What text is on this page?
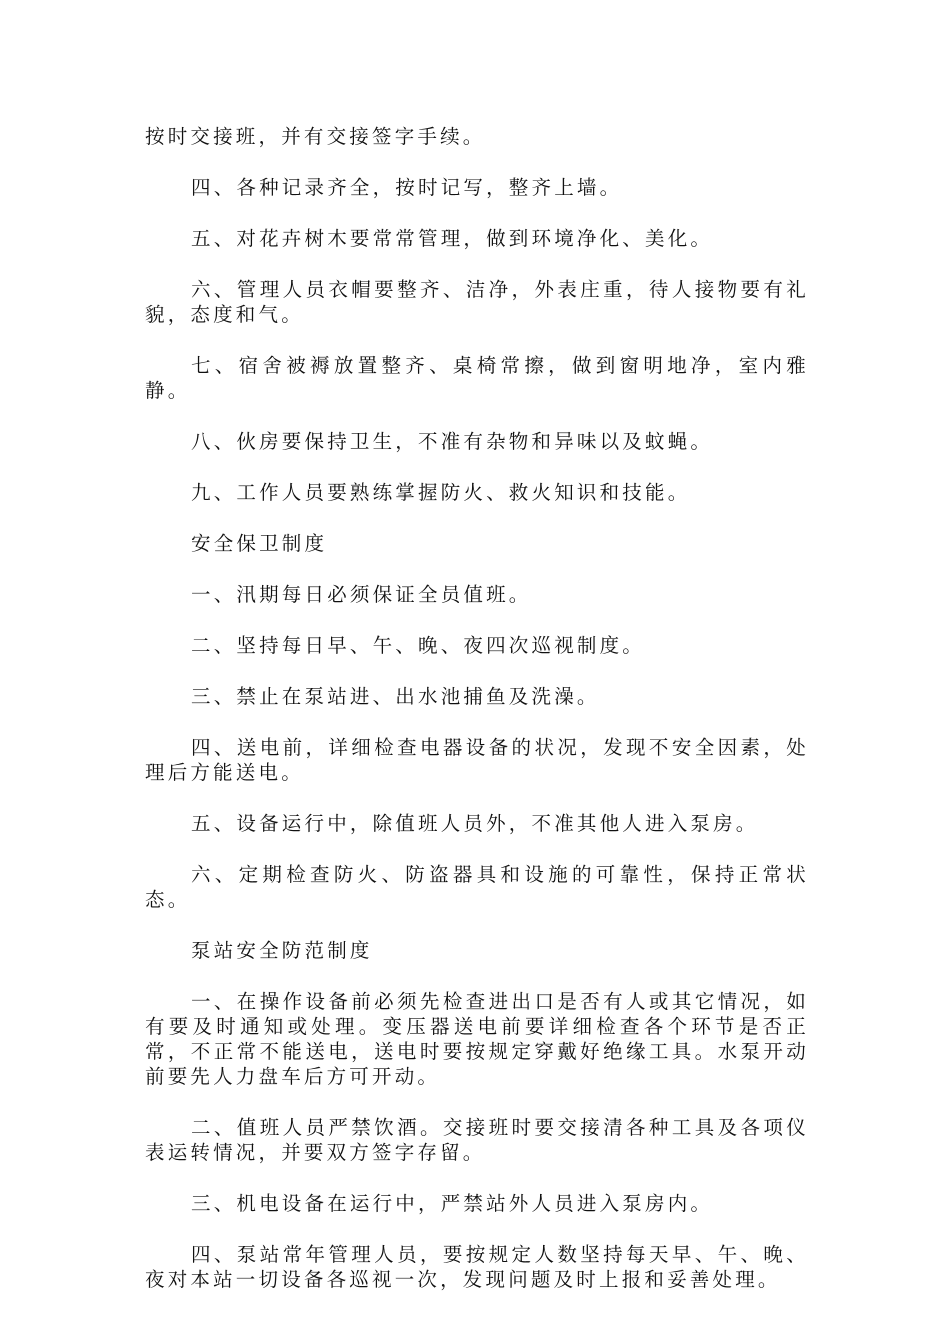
按时交接班，并有交接签字手续。

四、各种记录齐全，按时记写，整齐上墙。

五、对花卉树木要常常管理，做到环境净化、美化。

六、管理人员衣帽要整齐、洁净，外表庄重，待人接物要有礼貌，态度和气。

七、宿舍被褥放置整齐、桌椅常擦，做到窗明地净，室内雅静。

八、伙房要保持卫生，不准有杂物和异味以及蚊蝇。

九、工作人员要熟练掌握防火、救火知识和技能。

安全保卫制度

一、汛期每日必须保证全员值班。

二、坚持每日早、午、晚、夜四次巡视制度。

三、禁止在泵站进、出水池捕鱼及洗澡。

四、送电前，详细检查电器设备的状况，发现不安全因素，处理后方能送电。

五、设备运行中，除值班人员外，不准其他人进入泵房。

六、定期检查防火、防盗器具和设施的可靠性，保持正常状态。

泵站安全防范制度

一、在操作设备前必须先检查进出口是否有人或其它情况，如有要及时通知或处理。变压器送电前要详细检查各个环节是否正常，不正常不能送电，送电时要按规定穿戴好绝缘工具。水泵开动前要先人力盘车后方可开动。

二、值班人员严禁饮酒。交接班时要交接清各种工具及各项仪表运转情况，并要双方签字存留。

三、机电设备在运行中，严禁站外人员进入泵房内。

四、泵站常年管理人员，要按规定人数坚持每天早、午、晚、夜对本站一切设备各巡视一次，发现问题及时上报和妥善处理。
